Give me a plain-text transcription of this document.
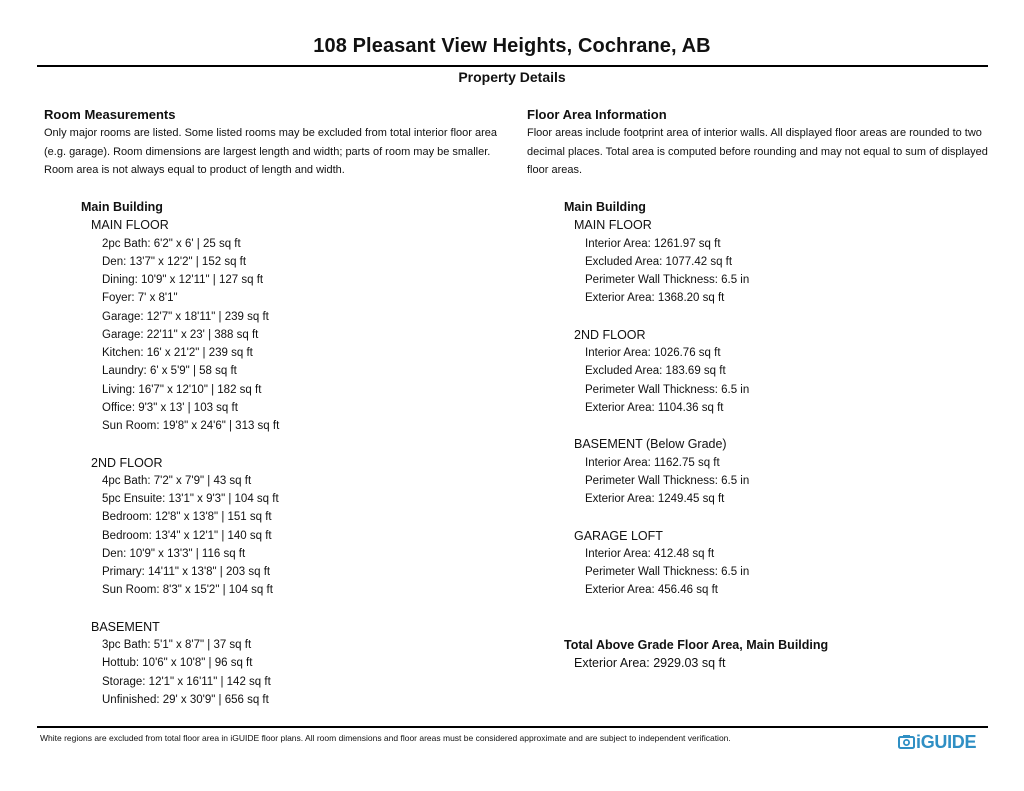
108 Pleasant View Heights, Cochrane, AB
Property Details
Room Measurements
Only major rooms are listed. Some listed rooms may be excluded from total interior floor area
(e.g. garage). Room dimensions are largest length and width; parts of room may be smaller.
Room area is not always equal to product of length and width.
Floor Area Information
Floor areas include footprint area of interior walls. All displayed floor areas are rounded to two
decimal places. Total area is computed before rounding and may not equal to sum of displayed
floor areas.
Main Building
MAIN FLOOR
2pc Bath: 6'2" x 6' | 25 sq ft
Den: 13'7" x 12'2" | 152 sq ft
Dining: 10'9" x 12'11" | 127 sq ft
Foyer: 7' x 8'1"
Garage: 12'7" x 18'11" | 239 sq ft
Garage: 22'11" x 23' | 388 sq ft
Kitchen: 16' x 21'2" | 239 sq ft
Laundry: 6' x 5'9" | 58 sq ft
Living: 16'7" x 12'10" | 182 sq ft
Office: 9'3" x 13' | 103 sq ft
Sun Room: 19'8" x 24'6" | 313 sq ft
2ND FLOOR
4pc Bath: 7'2" x 7'9" | 43 sq ft
5pc Ensuite: 13'1" x 9'3" | 104 sq ft
Bedroom: 12'8" x 13'8" | 151 sq ft
Bedroom: 13'4" x 12'1" | 140 sq ft
Den: 10'9" x 13'3" | 116 sq ft
Primary: 14'11" x 13'8" | 203 sq ft
Sun Room: 8'3" x 15'2" | 104 sq ft
BASEMENT
3pc Bath: 5'1" x 8'7" | 37 sq ft
Hottub: 10'6" x 10'8" | 96 sq ft
Storage: 12'1" x 16'11" | 142 sq ft
Unfinished: 29' x 30'9" | 656 sq ft
Main Building
MAIN FLOOR
Interior Area: 1261.97 sq ft
Excluded Area: 1077.42 sq ft
Perimeter Wall Thickness: 6.5 in
Exterior Area: 1368.20 sq ft
2ND FLOOR
Interior Area: 1026.76 sq ft
Excluded Area: 183.69 sq ft
Perimeter Wall Thickness: 6.5 in
Exterior Area: 1104.36 sq ft
BASEMENT (Below Grade)
Interior Area: 1162.75 sq ft
Perimeter Wall Thickness: 6.5 in
Exterior Area: 1249.45 sq ft
GARAGE LOFT
Interior Area: 412.48 sq ft
Perimeter Wall Thickness: 6.5 in
Exterior Area: 456.46 sq ft
Total Above Grade Floor Area, Main Building
Exterior Area: 2929.03 sq ft
White regions are excluded from total floor area in iGUIDE floor plans. All room dimensions and floor areas must be considered approximate and are subject to independent verification.	iGUIDE
